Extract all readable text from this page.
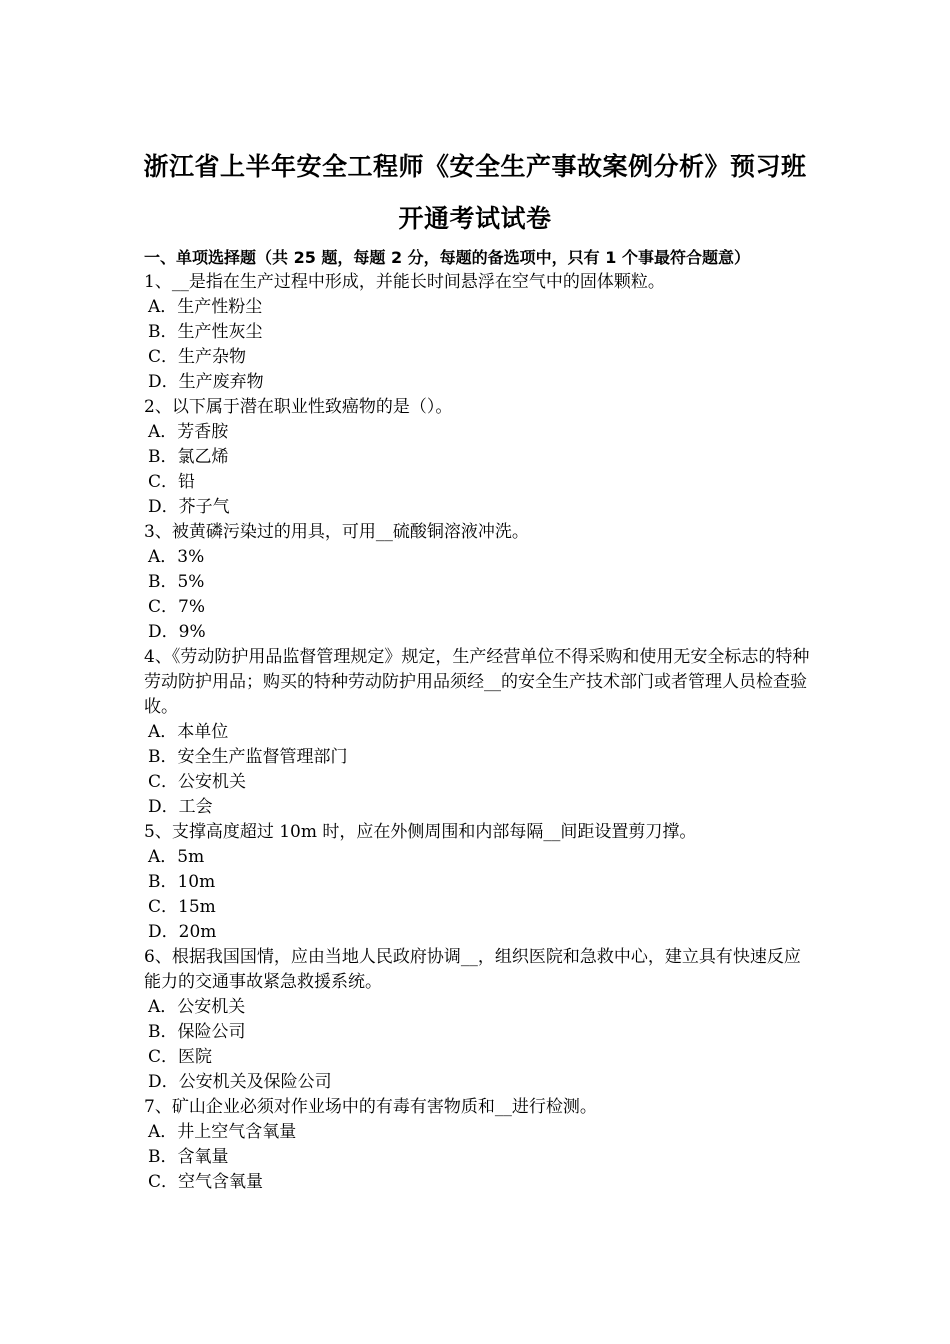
浙江省上半年安全工程师《安全生产事故案例分析》预习班
开通考试试卷

一、单项选择题（共 25 题，每题 2 分，每题的备选项中，只有 1 个事最符合题意）

1、__是指在生产过程中形成，并能长时间悬浮在空气中的固体颗粒。

A．生产性粉尘

B．生产性灰尘

C．生产杂物

D．生产废弃物

2、以下属于潜在职业性致癌物的是（）。

A．芳香胺

B．氯乙烯

C．铅

D．芥子气

3、被黄磷污染过的用具，可用__硫酸铜溶液冲洗。

A．3%

B．5%

C．7%

D．9%

4、《劳动防护用品监督管理规定》规定，生产经营单位不得采购和使用无安全标志的特种劳动防护用品；购买的特种劳动防护用品须经__的安全生产技术部门或者管理人员检查验收。

A．本单位

B．安全生产监督管理部门

C．公安机关

D．工会

5、支撑高度超过 10m 时，应在外侧周围和内部每隔__间距设置剪刀撑。

A．5m

B．10m

C．15m

D．20m

6、根据我国国情，应由当地人民政府协调__，组织医院和急救中心，建立具有快速反应能力的交通事故紧急救援系统。

A．公安机关

B．保险公司

C．医院

D．公安机关及保险公司

7、矿山企业必须对作业场中的有毒有害物质和__进行检测。

A．井上空气含氧量

B．含氧量

C．空气含氧量
